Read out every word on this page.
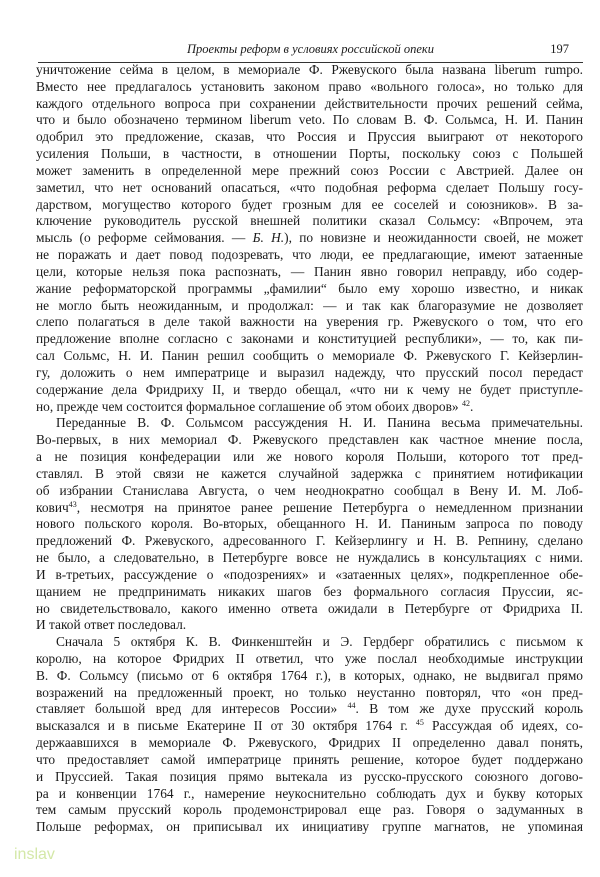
Проекты реформ в условиях российской опеки	197
уничтожение сейма в целом, в мемориале Ф. Ржевуского была названа liberum rumpo.
Вместо нее предлагалось установить законом право «вольного голоса», но только для
каждого отдельного вопроса при сохранении действительности прочих решений сейма,
что и было обозначено термином liberum veto. По словам В. Ф. Сольмса, Н. И. Панин
одобрил это предложение, сказав, что Россия и Пруссия выиграют от некоторого
усиления Польши, в частности, в отношении Порты, поскольку союз с Польшей
может заменить в определенной мере прежний союз России с Австрией. Далее он
заметил, что нет оснований опасаться, «что подобная реформа сделает Польшу госу-
дарством, могущество которого будет грозным для ее соселей и союзников». В за-
ключение руководитель русской внешней политики сказал Сольмсу: «Впрочем, эта
мысль (о реформе сеймования. — Б. Н.), по новизне и неожиданности своей, не может
не поражать и дает повод подозревать, что люди, ее предлагающие, имеют затаенные
цели, которые нельзя пока распознать, — Панин явно говорил неправду, ибо содер-
жание реформаторской программы „фамилии“ было ему хорошо известно, и никак
не могло быть неожиданным, и продолжал: — и так как благоразумие не дозволяет
слепо полагаться в деле такой важности на уверения гр. Ржевуского о том, что его
предложение вполне согласно с законами и конституцией республики», — то, как пи-
сал Сольмс, Н. И. Панин решил сообщить о мемориале Ф. Ржевуского Г. Кейзерлин-
гу, доложить о нем императрице и выразил надежду, что прусский посол передаст
содержание дела Фридриху II, и твердо обещал, «что ни к чему не будет приступле-
но, прежде чем состоится формальное соглашение об этом обоих дворов» $^{42}$.
Переданные В. Ф. Сольмсом рассуждения Н. И. Панина весьма примечательны.
Во-первых, в них мемориал Ф. Ржевуского представлен как частное мнение посла,
а не позиция конфедерации или же нового короля Польши, которого тот пред-
ставлял. В этой связи не кажется случайной задержка с принятием нотификации
об избрании Станислава Августа, о чем неоднократно сообщал в Вену И. М. Лоб-
кович$^{43}$, несмотря на принятое ранее решение Петербурга о немедленном признании
нового польского короля. Во-вторых, обещанного Н. И. Паниным запроса по поводу
предложений Ф. Ржевуского, адресованного Г. Кейзерлингу и Н. В. Репнину, сделано
не было, а следовательно, в Петербурге вовсе не нуждались в консультациях с ними.
И в-третьих, рассуждение о «подозрениях» и «затаенных целях», подкрепленное обе-
щанием не предпринимать никаких шагов без формального согласия Пруссии, яс-
но свидетельствовало, какого именно ответа ожидали в Петербурге от Фридриха II.
И такой ответ последовал.
Сначала 5 октября К. В. Финкенштейн и Э. Гердберг обратились с письмом к
королю, на которое Фридрих II ответил, что уже послал необходимые инструкции
В. Ф. Сольмсу (письмо от 6 октября 1764 г.), в которых, однако, не выдвигал прямо
возражений на предложенный проект, но только неустанно повторял, что «он пред-
ставляет большой вред для интересов России» $^{44}$. В том же духе прусский король
высказался и в письме Екатерине II от 30 октября 1764 г. $^{45}$ Рассуждая об идеях, со-
держаавшихся в мемориале Ф. Ржевуского, Фридрих II определенно давал понять,
что предоставляет самой императрице принять решение, которое будет поддержано
и Пруссией. Такая позиция прямо вытекала из русско-прусского союзного догово-
ра и конвенции 1764 г., намерение неукоснительно соблюдать дух и букву которых
тем самым прусский король продемонстрировал еще раз. Говоря о задуманных в
Польше реформах, он приписывал их инициативу группе магнатов, не упоминая
inslav
